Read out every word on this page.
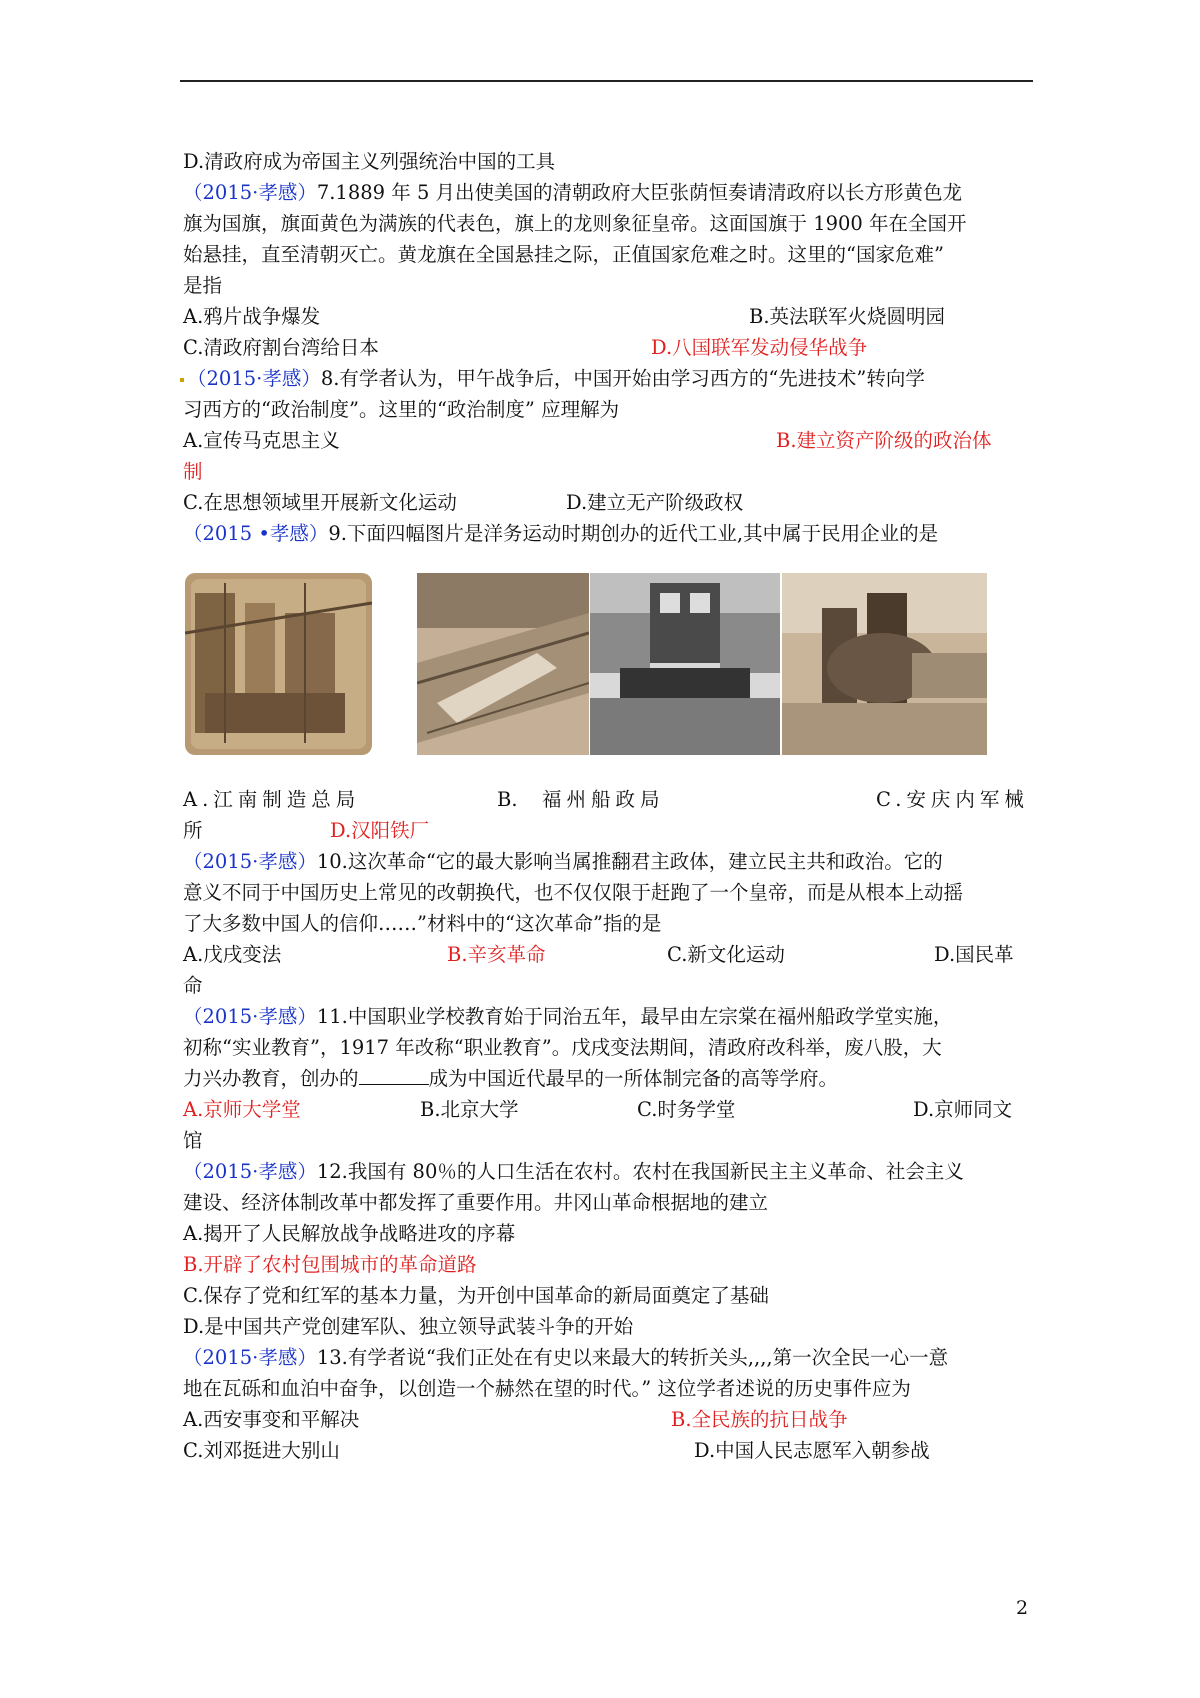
D.清政府成为帝国主义列强统治中国的工具
（2015·孝感）7.1889 年 5 月出使美国的清朝政府大臣张荫恒奏请清政府以长方形黄色龙
旗为国旗，旗面黄色为满族的代表色，旗上的龙则象征皇帝。这面国旗于 1900 年在全国开
始悬挂，直至清朝灭亡。黄龙旗在全国悬挂之际，正值国家危难之时。这里的“国家危难”
是指
A.鸦片战争爆发	B.英法联军火烧圆明园
C.清政府割台湾给日本	D.八国联军发动侵华战争
（2015·孝感）8.有学者认为，甲午战争后，中国开始由学习西方的“先进技术”转向学
习西方的“政治制度”。这里的“政治制度” 应理解为
A.宣传马克思主义	B.建立资产阶级的政治体
制
C.在思想领域里开展新文化运动	D.建立无产阶级政权
（2015 •孝感）9.下面四幅图片是洋务运动时期创办的近代工业,其中属于民用企业的是
A.江南制造总局	B. 福州船政局	C.安庆内军械
所	D.汉阳铁厂
（2015·孝感）10.这次革命“它的最大影响当属推翻君主政体，建立民主共和政治。它的
意义不同于中国历史上常见的改朝换代，也不仅仅限于赶跑了一个皇帝，而是从根本上动摇
了大多数中国人的信仰……”材料中的“这次革命”指的是
A.戊戌变法	B.辛亥革命	C.新文化运动	D.国民革
命
（2015·孝感）11.中国职业学校教育始于同治五年，最早由左宗棠在福州船政学堂实施，
初称“实业教育”，1917 年改称“职业教育”。戊戌变法期间，清政府改科举，废八股，大
力兴办教育，创办的	成为中国近代最早的一所体制完备的高等学府。
A.京师大学堂	B.北京大学	C.时务学堂	D.京师同文
馆
（2015·孝感）12.我国有 80％的人口生活在农村。农村在我国新民主主义革命、社会主义
建设、经济体制改革中都发挥了重要作用。井冈山革命根据地的建立
A.揭开了人民解放战争战略进攻的序幕
B.开辟了农村包围城市的革命道路
C.保存了党和红军的基本力量，为开创中国革命的新局面奠定了基础
D.是中国共产党创建军队、独立领导武装斗争的开始
（2015·孝感）13.有学者说“我们正处在有史以来最大的转折关头,,,,第一次全民一心一意
地在瓦砾和血泊中奋争，以创造一个赫然在望的时代。” 这位学者述说的历史事件应为
A.西安事变和平解决	B.全民族的抗日战争
C.刘邓挺进大别山	D.中国人民志愿军入朝参战
2
